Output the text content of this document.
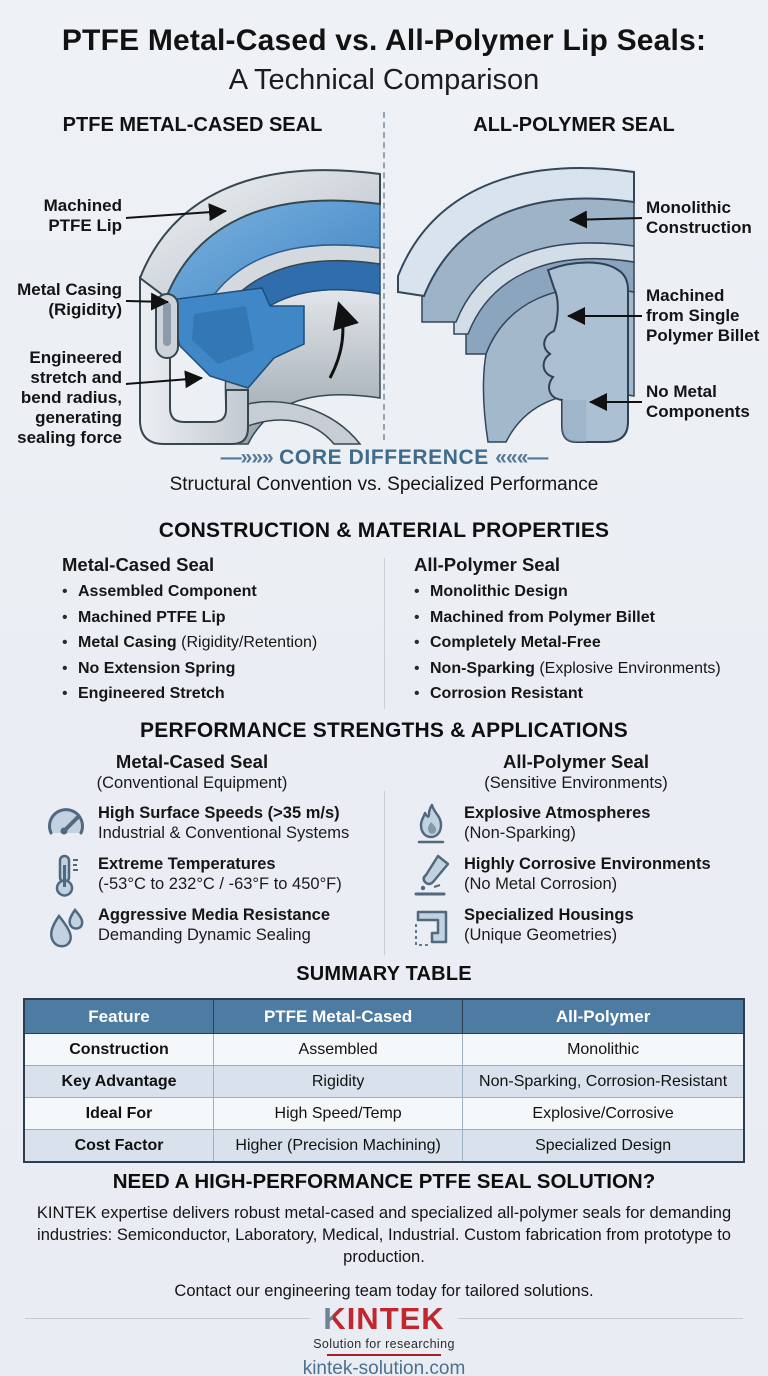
PTFE Metal-Cased vs. All-Polymer Lip Seals:
A Technical Comparison
PTFE METAL-CASED SEAL	ALL-POLYMER SEAL
Machined PTFE Lip
Metal Casing (Rigidity)
Engineered stretch and bend radius, generating sealing force
Monolithic Construction
Machined from Single Polymer Billet
No Metal Components
—»»» CORE DIFFERENCE «««—
Structural Convention vs. Specialized Performance
CONSTRUCTION & MATERIAL PROPERTIES
Metal-Cased Seal
• Assembled Component
• Machined PTFE Lip
• Metal Casing (Rigidity/Retention)
• No Extension Spring
• Engineered Stretch
All-Polymer Seal
• Monolithic Design
• Machined from Polymer Billet
• Completely Metal-Free
• Non-Sparking (Explosive Environments)
• Corrosion Resistant
PERFORMANCE STRENGTHS & APPLICATIONS
Metal-Cased Seal
(Conventional Equipment)
High Surface Speeds (>35 m/s)
Industrial & Conventional Systems
Extreme Temperatures
(-53°C to 232°C / -63°F to 450°F)
Aggressive Media Resistance
Demanding Dynamic Sealing
All-Polymer Seal
(Sensitive Environments)
Explosive Atmospheres
(Non-Sparking)
Highly Corrosive Environments
(No Metal Corrosion)
Specialized Housings
(Unique Geometries)
SUMMARY TABLE
Feature	PTFE Metal-Cased	All-Polymer
Construction	Assembled	Monolithic
Key Advantage	Rigidity	Non-Sparking, Corrosion-Resistant
Ideal For	High Speed/Temp	Explosive/Corrosive
Cost Factor	Higher (Precision Machining)	Specialized Design
NEED A HIGH-PERFORMANCE PTFE SEAL SOLUTION?
KINTEK expertise delivers robust metal-cased and specialized all-polymer seals for demanding industries: Semiconductor, Laboratory, Medical, Industrial. Custom fabrication from prototype to production.
Contact our engineering team today for tailored solutions.
KINTEK
Solution for researching
kintek-solution.com
